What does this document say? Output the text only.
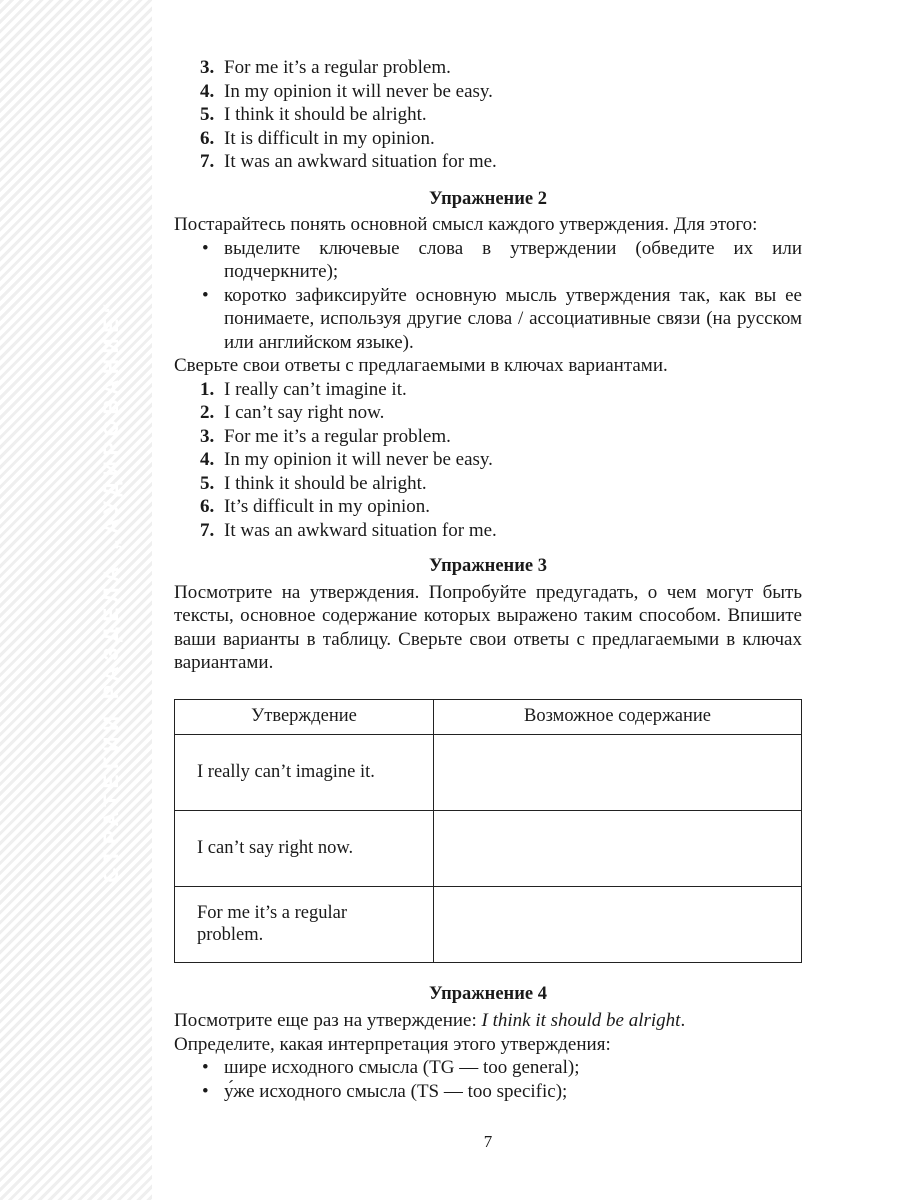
СТРАТЕГИИ РАЗДЕЛА „АУДИРОВАНИЕ“
3. For me it’s a regular problem.
4. In my opinion it will never be easy.
5. I think it should be alright.
6. It is difficult in my opinion.
7. It was an awkward situation for me.
Упражнение 2

Постарайтесь понять основной смысл каждого утверждения. Для этого:

• выделите ключевые слова в утверждении (обведите их или подчеркните);
• коротко зафиксируйте основную мысль утверждения так, как вы ее понимаете, используя другие слова / ассоциативные связи (на русском или английском языке).

Сверьте свои ответы с предлагаемыми в ключах вариантами.

1. I really can’t imagine it.
2. I can’t say right now.
3. For me it’s a regular problem.
4. In my opinion it will never be easy.
5. I think it should be alright.
6. It’s difficult in my opinion.
7. It was an awkward situation for me.
Упражнение 3

Посмотрите на утверждения. Попробуйте предугадать, о чем могут быть тексты, основное содержание которых выражено таким способом. Впишите ваши варианты в таблицу. Сверьте свои ответы с предлагаемыми в ключах вариантами.

Утверждение	Возможное содержание
I really can’t imagine it.	
I can’t say right now.	
For me it’s a regular problem.	
Упражнение 4

Посмотрите еще раз на утверждение: I think it should be alright.

Определите, какая интерпретация этого утверждения:

• шире исходного смысла (TG — too general);
• у́же исходного смысла (TS — too specific);
7
